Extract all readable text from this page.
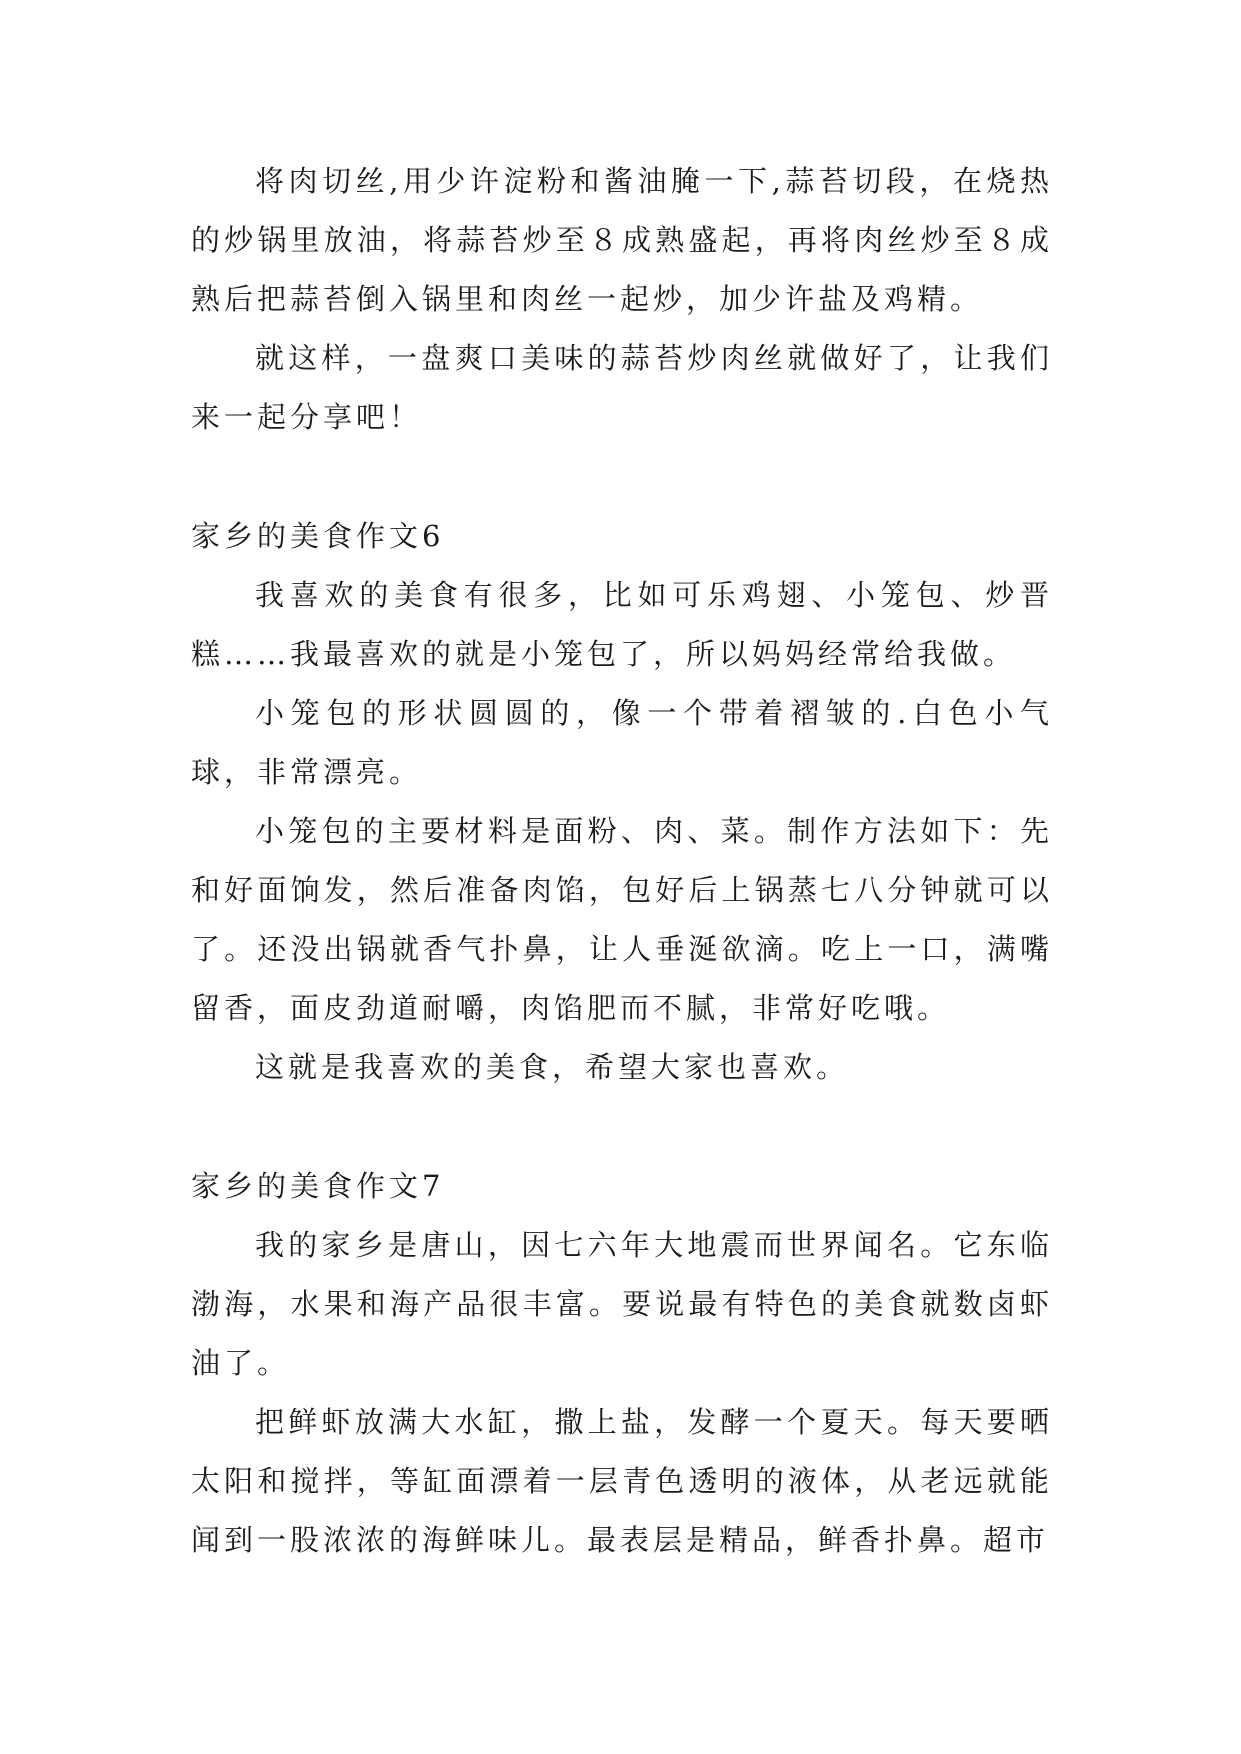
将肉切丝,用少许淀粉和酱油腌一下,蒜苔切段，在烧热的炒锅里放油，将蒜苔炒至８成熟盛起，再将肉丝炒至８成熟后把蒜苔倒入锅里和肉丝一起炒，加少许盐及鸡精。

就这样，一盘爽口美味的蒜苔炒肉丝就做好了，让我们来一起分享吧！

家乡的美食作文6

我喜欢的美食有很多，比如可乐鸡翅、小笼包、炒晋糕……我最喜欢的就是小笼包了，所以妈妈经常给我做。

小笼包的形状圆圆的，像一个带着褶皱的.白色小气球，非常漂亮。

小笼包的主要材料是面粉、肉、菜。制作方法如下：先和好面饷发，然后准备肉馅，包好后上锅蒸七八分钟就可以了。还没出锅就香气扑鼻，让人垂涎欲滴。吃上一口，满嘴留香，面皮劲道耐嚼，肉馅肥而不腻，非常好吃哦。

这就是我喜欢的美食，希望大家也喜欢。

家乡的美食作文7

我的家乡是唐山，因七六年大地震而世界闻名。它东临渤海，水果和海产品很丰富。要说最有特色的美食就数卤虾油了。

把鲜虾放满大水缸，撒上盐，发酵一个夏天。每天要晒太阳和搅拌，等缸面漂着一层青色透明的液体，从老远就能闻到一股浓浓的海鲜味儿。最表层是精品，鲜香扑鼻。超市
